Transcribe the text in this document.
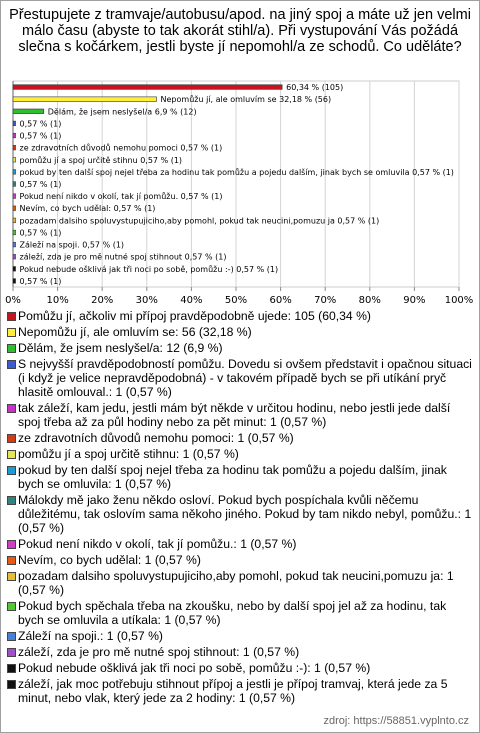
Přestupujete z tramvaje/autobusu/apod. na jiný spoj a máte už jen velmi málo času (abyste to tak akorát stihl/a). Při vystupování Vás požádá slečna s kočárkem, jestli byste jí nepomohl/a ze schodů. Co uděláte?
0%	10% 20% 30% 40% 50% 60% 70% 80% 90% 100%
60,34 % (105)
Nepomůžu jí, ale omluvím se 32,18 % (56)
Dělám, že jsem neslyšel/a 6,9 % (12)
0,57 % (1)
0,57 % (1)
ze zdravotních důvodů nemohu pomoci 0,57 % (1)
pomůžu jí a spoj určitě stihnu 0,57 % (1)
pokud by ten další spoj nejel třeba za hodinu tak pomůžu a pojedu dalším, jinak bych se omluvila 0,57 % (1)
0,57 % (1)
Pokud není nikdo v okolí, tak jí pomůžu. 0,57 % (1)
Nevím, co bych udělal: 0,57 % (1)
pozadam dalsiho spoluvystupujiciho,aby pomohl, pokud tak neucini,pomuzu ja 0,57 % (1)
0,57 % (1)
Záleží na spoji. 0,57 % (1)
záleží, zda je pro mě nutné spoj stihnout 0,57 % (1)
Pokud nebude ošklivá jak tři noci po sobě, pomůžu :-) 0,57 % (1)
0,57 % (1)
Pomůžu jí, ačkoliv mi přípoj pravděpodobně ujede: 105 (60,34 %)
Nepomůžu jí, ale omluvím se: 56 (32,18 %)
Dělám, že jsem neslyšel/a: 12 (6,9 %)
S nejvyšší pravděpodobností pomůžu. Dovedu si ovšem představit i opačnou situaci (i když je velice nepravděpodobná) - v takovém případě bych se při utíkání pryč hlasitě omlouval.: 1 (0,57 %)
tak záleží, kam jedu, jestli mám být někde v určitou hodinu, nebo jestli jede další spoj třeba až za půl hodiny nebo za pět minut: 1 (0,57 %)
ze zdravotních důvodů nemohu pomoci: 1 (0,57 %)
pomůžu jí a spoj určitě stihnu: 1 (0,57 %)
pokud by ten další spoj nejel třeba za hodinu tak pomůžu a pojedu dalším, jinak bych se omluvila: 1 (0,57 %)
Málokdy mě jako ženu někdo osloví. Pokud bych pospíchala kvůli něčemu důležitému, tak oslovím sama někoho jiného. Pokud by tam nikdo nebyl, pomůžu.: 1 (0,57 %)
Pokud není nikdo v okolí, tak jí pomůžu.: 1 (0,57 %)
Nevím, co bych udělal: 1 (0,57 %)
pozadam dalsiho spoluvystupujiciho,aby pomohl, pokud tak neucini,pomuzu ja: 1 (0,57 %)
Pokud bych spěchala třeba na zkoušku, nebo by další spoj jel až za hodinu, tak bych se omluvila a utíkala: 1 (0,57 %)
Záleží na spoji.: 1 (0,57 %)
záleží, zda je pro mě nutné spoj stihnout: 1 (0,57 %)
Pokud nebude ošklivá jak tři noci po sobě, pomůžu :-): 1 (0,57 %)
záleží, jak moc potřebuju stihnout přípoj a jestli je přípoj tramvaj, která jede za 5 minut, nebo vlak, který jede za 2 hodiny: 1 (0,57 %)
zdroj: https://58851.vyplnto.cz
